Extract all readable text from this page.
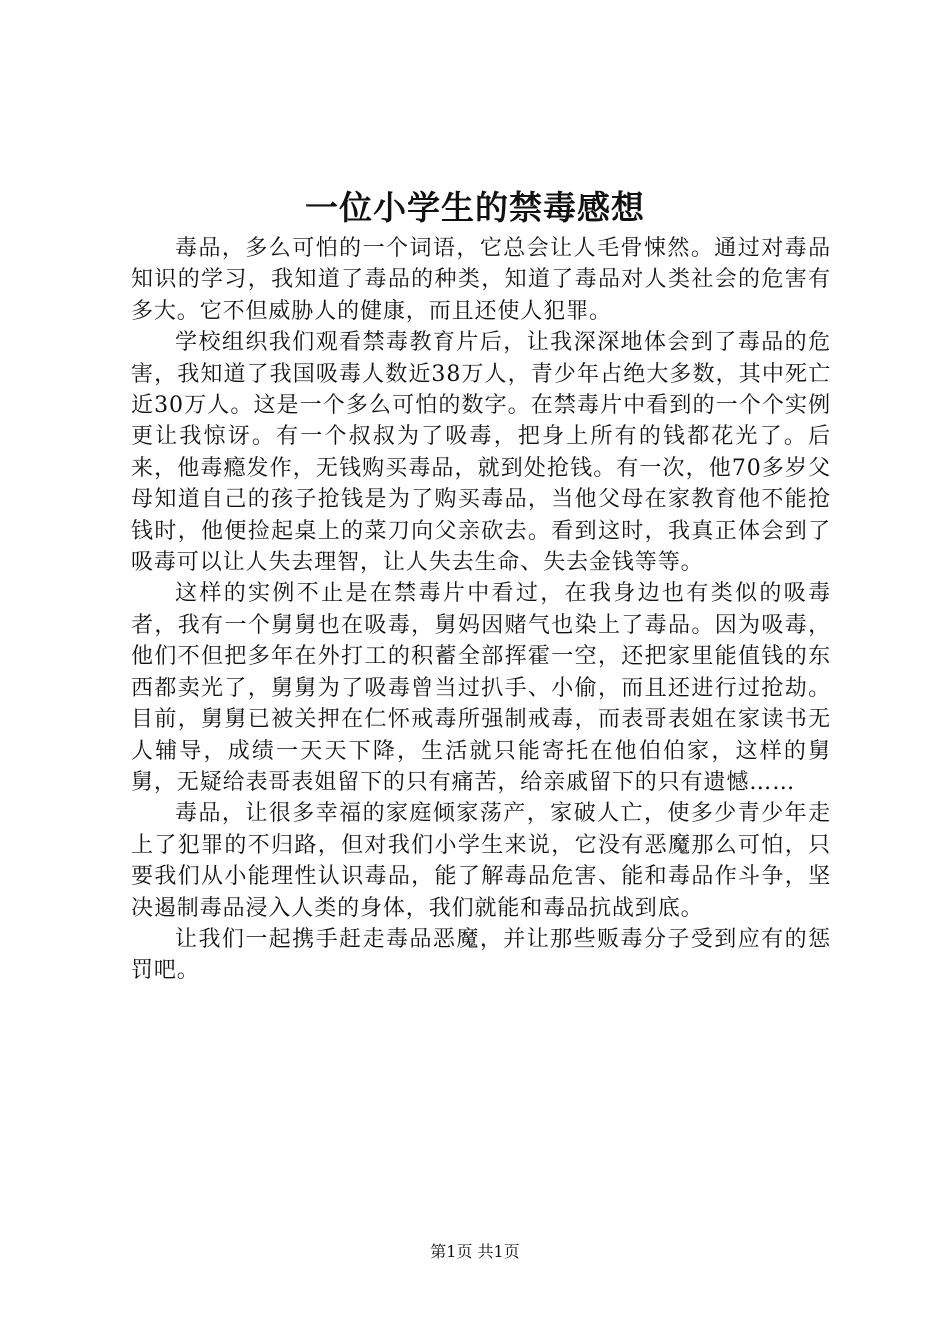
一位小学生的禁毒感想

毒品，多么可怕的一个词语，它总会让人毛骨悚然。通过对毒品知识的学习，我知道了毒品的种类，知道了毒品对人类社会的危害有多大。它不但威胁人的健康，而且还使人犯罪。

学校组织我们观看禁毒教育片后，让我深深地体会到了毒品的危害，我知道了我国吸毒人数近38万人，青少年占绝大多数，其中死亡近30万人。这是一个多么可怕的数字。在禁毒片中看到的一个个实例更让我惊讶。有一个叔叔为了吸毒，把身上所有的钱都花光了。后来，他毒瘾发作，无钱购买毒品，就到处抢钱。有一次，他70多岁父母知道自己的孩子抢钱是为了购买毒品，当他父母在家教育他不能抢钱时，他便捡起桌上的菜刀向父亲砍去。看到这时，我真正体会到了吸毒可以让人失去理智，让人失去生命、失去金钱等等。

这样的实例不止是在禁毒片中看过，在我身边也有类似的吸毒者，我有一个舅舅也在吸毒，舅妈因赌气也染上了毒品。因为吸毒，他们不但把多年在外打工的积蓄全部挥霍一空，还把家里能值钱的东西都卖光了，舅舅为了吸毒曾当过扒手、小偷，而且还进行过抢劫。目前，舅舅已被关押在仁怀戒毒所强制戒毒，而表哥表姐在家读书无人辅导，成绩一天天下降，生活就只能寄托在他伯伯家，这样的舅舅，无疑给表哥表姐留下的只有痛苦，给亲戚留下的只有遗憾……

毒品，让很多幸福的家庭倾家荡产，家破人亡，使多少青少年走上了犯罪的不归路，但对我们小学生来说，它没有恶魔那么可怕，只要我们从小能理性认识毒品，能了解毒品危害、能和毒品作斗争，坚决遏制毒品浸入人类的身体，我们就能和毒品抗战到底。

让我们一起携手赶走毒品恶魔，并让那些贩毒分子受到应有的惩罚吧。

第1页 共1页
